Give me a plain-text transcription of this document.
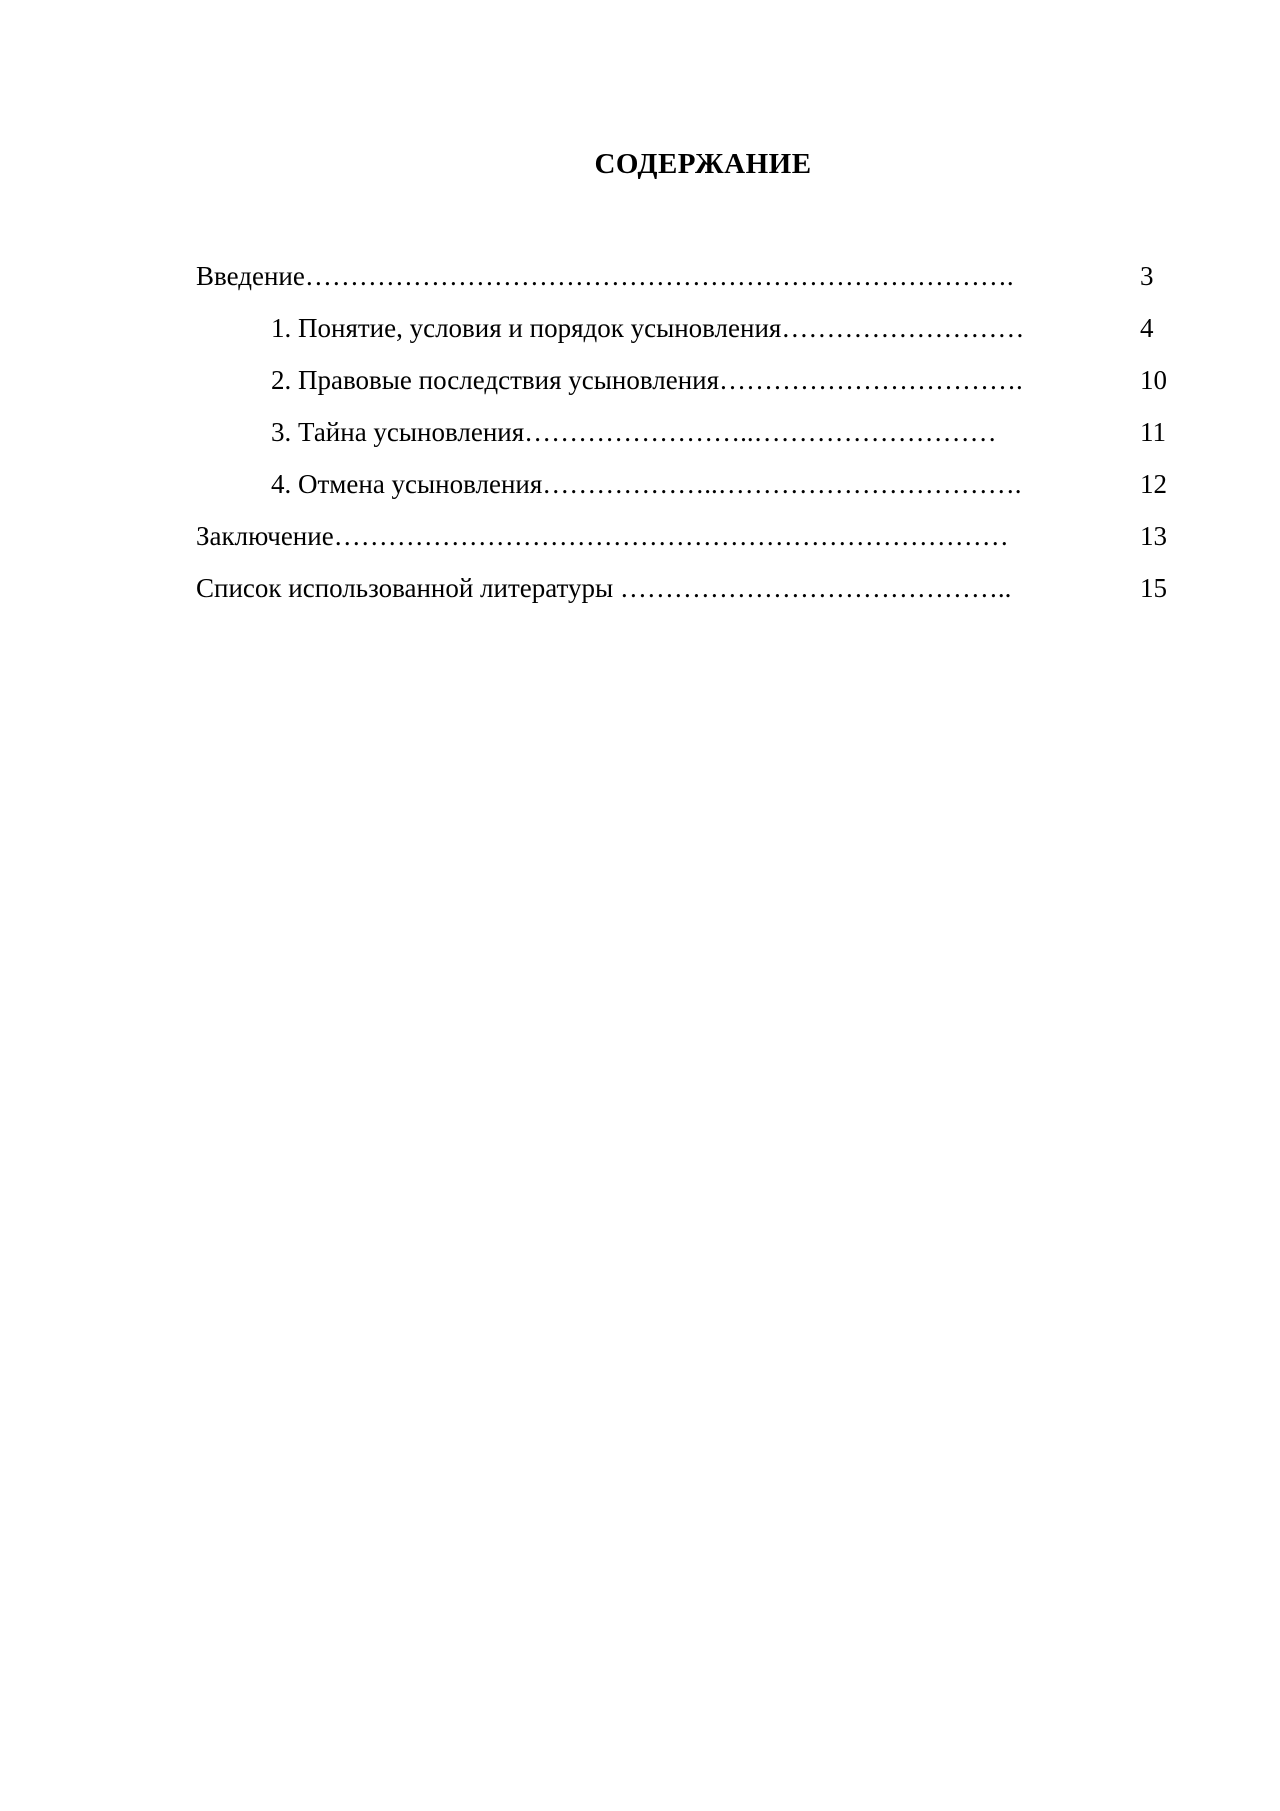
СОДЕРЖАНИЕ
Введение…………………………………………………………………….	3
1. Понятие, условия и порядок усыновления………………………	4
2. Правовые последствия усыновления…………………………….	10
3. Тайна усыновления……………………..………………………	11
4. Отмена усыновления………………..…………………………….	12
Заключение…………………………………………………………………	13
Список использованной литературы ……………………………………..	15
